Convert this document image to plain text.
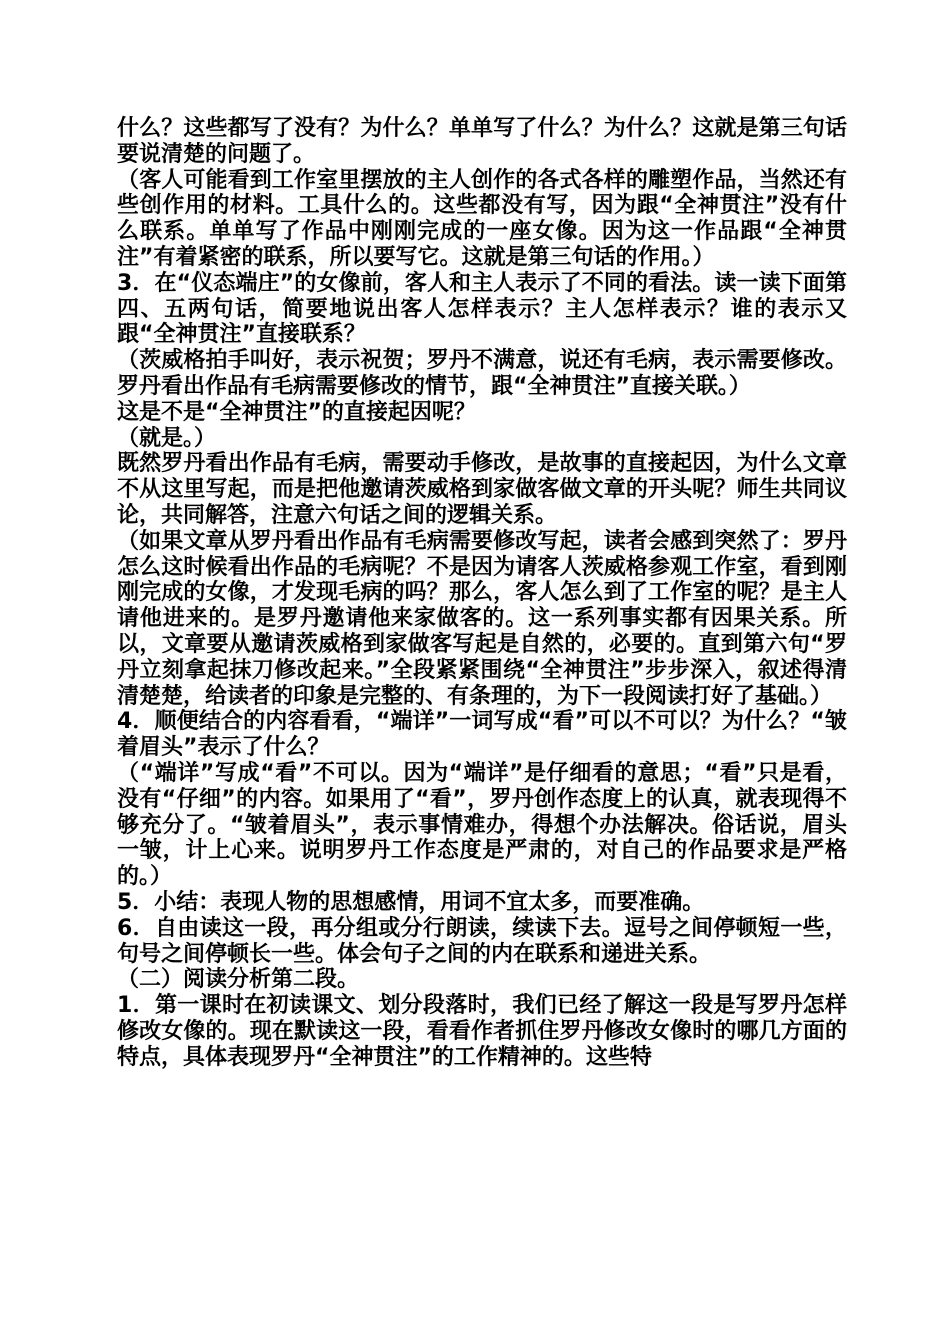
什么？这些都写了没有？为什么？单单写了什么？为什么？这就是第三句话要说清楚的问题了。

（客人可能看到工作室里摆放的主人创作的各式各样的雕塑作品，当然还有些创作用的材料。工具什么的。这些都没有写，因为跟“全神贯注”没有什么联系。单单写了作品中刚刚完成的一座女像。因为这一作品跟“全神贯注”有着紧密的联系，所以要写它。这就是第三句话的作用。）

3．在“仪态端庄”的女像前，客人和主人表示了不同的看法。读一读下面第四、五两句话，简要地说出客人怎样表示？主人怎样表示？谁的表示又跟“全神贯注”直接联系？

（茨威格拍手叫好，表示祝贺；罗丹不满意，说还有毛病，表示需要修改。罗丹看出作品有毛病需要修改的情节，跟“全神贯注”直接关联。）

这是不是“全神贯注”的直接起因呢？

（就是。）

既然罗丹看出作品有毛病，需要动手修改，是故事的直接起因，为什么文章不从这里写起，而是把他邀请茨威格到家做客做文章的开头呢？师生共同议论，共同解答，注意六句话之间的逻辑关系。

（如果文章从罗丹看出作品有毛病需要修改写起，读者会感到突然了：罗丹怎么这时候看出作品的毛病呢？不是因为请客人茨威格参观工作室，看到刚刚完成的女像，才发现毛病的吗？那么，客人怎么到了工作室的呢？是主人请他进来的。是罗丹邀请他来家做客的。这一系列事实都有因果关系。所以，文章要从邀请茨威格到家做客写起是自然的，必要的。直到第六句“罗丹立刻拿起抹刀修改起来。”全段紧紧围绕“全神贯注”步步深入，叙述得清清楚楚，给读者的印象是完整的、有条理的，为下一段阅读打好了基础。）

4．顺便结合的内容看看，“端详”一词写成“看”可以不可以？为什么？“皱着眉头”表示了什么？

（“端详”写成“看”不可以。因为“端详”是仔细看的意思；“看”只是看，没有“仔细”的内容。如果用了“看”，罗丹创作态度上的认真，就表现得不够充分了。“皱着眉头”，表示事情难办，得想个办法解决。俗话说，眉头一皱，计上心来。说明罗丹工作态度是严肃的，对自己的作品要求是严格的。）

5．小结：表现人物的思想感情，用词不宜太多，而要准确。

6．自由读这一段，再分组或分行朗读，续读下去。逗号之间停顿短一些，句号之间停顿长一些。体会句子之间的内在联系和递进关系。

（二）阅读分析第二段。

1．第一课时在初读课文、划分段落时，我们已经了解这一段是写罗丹怎样修改女像的。现在默读这一段，看看作者抓住罗丹修改女像时的哪几方面的特点，具体表现罗丹“全神贯注”的工作精神的。这些特
